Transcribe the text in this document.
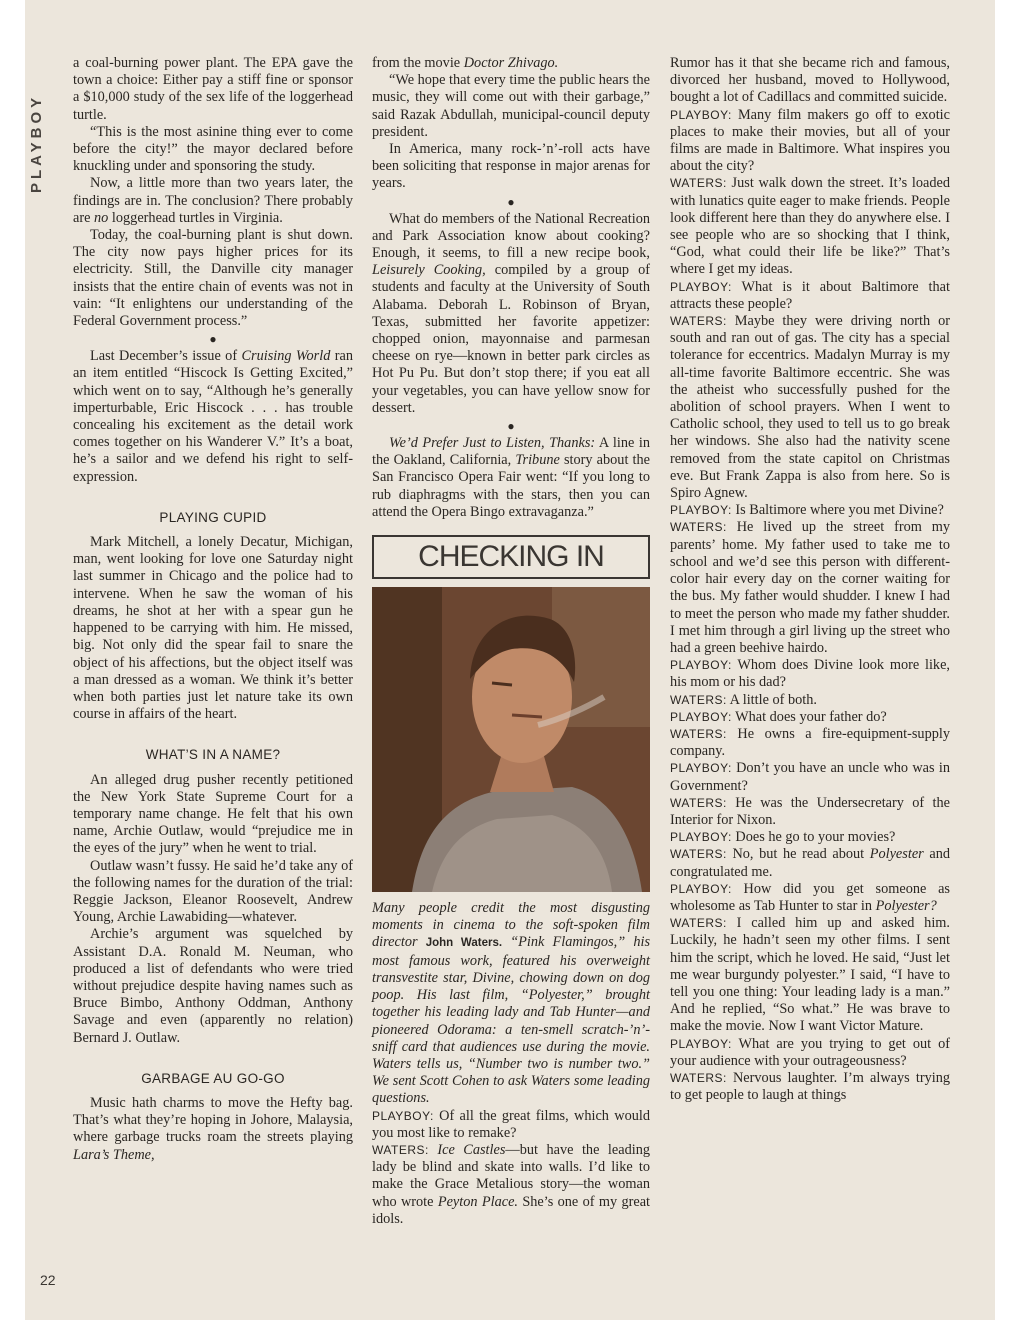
PLAYBOY
22

a coal-burning power plant. The EPA gave the town a choice: Either pay a stiff fine or sponsor a $10,000 study of the sex life of the loggerhead turtle.

“This is the most asinine thing ever to come before the city!” the mayor declared before knuckling under and sponsoring the study.

Now, a little more than two years later, the findings are in. The conclusion? There probably are no loggerhead turtles in Virginia.

Today, the coal-burning plant is shut down. The city now pays higher prices for its electricity. Still, the Danville city manager insists that the entire chain of events was not in vain: “It enlightens our understanding of the Federal Government process.”

●

Last December’s issue of Cruising World ran an item entitled “Hiscock Is Getting Excited,” which went on to say, “Although he’s generally imperturbable, Eric Hiscock . . . has trouble concealing his excitement as the detail work comes together on his Wanderer V.” It’s a boat, he’s a sailor and we defend his right to self-expression.

PLAYING CUPID

Mark Mitchell, a lonely Decatur, Michigan, man, went looking for love one Saturday night last summer in Chicago and the police had to intervene. When he saw the woman of his dreams, he shot at her with a spear gun he happened to be carrying with him. He missed, big. Not only did the spear fail to snare the object of his affections, but the object itself was a man dressed as a woman. We think it’s better when both parties just let nature take its own course in affairs of the heart.

WHAT’S IN A NAME?

An alleged drug pusher recently petitioned the New York State Supreme Court for a temporary name change. He felt that his own name, Archie Outlaw, would “prejudice me in the eyes of the jury” when he went to trial.

Outlaw wasn’t fussy. He said he’d take any of the following names for the duration of the trial: Reggie Jackson, Eleanor Roosevelt, Andrew Young, Archie Lawabiding—whatever.

Archie’s argument was squelched by Assistant D.A. Ronald M. Neuman, who produced a list of defendants who were tried without prejudice despite having names such as Bruce Bimbo, Anthony Oddman, Anthony Savage and even (apparently no relation) Bernard J. Outlaw.

GARBAGE AU GO-GO

Music hath charms to move the Hefty bag. That’s what they’re hoping in Johore, Malaysia, where garbage trucks roam the streets playing Lara’s Theme,

from the movie Doctor Zhivago.

“We hope that every time the public hears the music, they will come out with their garbage,” said Razak Abdullah, municipal-council deputy president.

In America, many rock-’n’-roll acts have been soliciting that response in major arenas for years.

●

What do members of the National Recreation and Park Association know about cooking? Enough, it seems, to fill a new recipe book, Leisurely Cooking, compiled by a group of students and faculty at the University of South Alabama. Deborah L. Robinson of Bryan, Texas, submitted her favorite appetizer: chopped onion, mayonnaise and parmesan cheese on rye—known in better park circles as Hot Pu Pu. But don’t stop there; if you eat all your vegetables, you can have yellow snow for dessert.

●

We’d Prefer Just to Listen, Thanks: A line in the Oakland, California, Tribune story about the San Francisco Opera Fair went: “If you long to rub diaphragms with the stars, then you can attend the Opera Bingo extravaganza.”

CHECKING IN
Many people credit the most disgusting moments in cinema to the soft-spoken film director John Waters. “Pink Flamingos,” his most famous work, featured his overweight transvestite star, Divine, chowing down on dog poop. His last film, “Polyester,” brought together his leading lady and Tab Hunter—and pioneered Odorama: a ten-smell scratch-’n’-sniff card that audiences use during the movie. Waters tells us, “Number two is number two.” We sent Scott Cohen to ask Waters some leading questions.

PLAYBOY: Of all the great films, which would you most like to remake?

WATERS: Ice Castles—but have the leading lady be blind and skate into walls. I’d like to make the Grace Metalious story—the woman who wrote Peyton Place. She’s one of my great idols.

Rumor has it that she became rich and famous, divorced her husband, moved to Hollywood, bought a lot of Cadillacs and committed suicide.

PLAYBOY: Many film makers go off to exotic places to make their movies, but all of your films are made in Baltimore. What inspires you about the city?

WATERS: Just walk down the street. It’s loaded with lunatics quite eager to make friends. People look different here than they do anywhere else. I see people who are so shocking that I think, “God, what could their life be like?” That’s where I get my ideas.

PLAYBOY: What is it about Baltimore that attracts these people?

WATERS: Maybe they were driving north or south and ran out of gas. The city has a special tolerance for eccentrics. Madalyn Murray is my all-time favorite Baltimore eccentric. She was the atheist who successfully pushed for the abolition of school prayers. When I went to Catholic school, they used to tell us to go break her windows. She also had the nativity scene removed from the state capitol on Christmas eve. But Frank Zappa is also from here. So is Spiro Agnew.

PLAYBOY: Is Baltimore where you met Divine?

WATERS: He lived up the street from my parents’ home. My father used to take me to school and we’d see this person with different-color hair every day on the corner waiting for the bus. My father would shudder. I knew I had to meet the person who made my father shudder. I met him through a girl living up the street who had a green beehive hairdo.

PLAYBOY: Whom does Divine look more like, his mom or his dad?

WATERS: A little of both.

PLAYBOY: What does your father do?

WATERS: He owns a fire-equipment-supply company.

PLAYBOY: Don’t you have an uncle who was in Government?

WATERS: He was the Undersecretary of the Interior for Nixon.

PLAYBOY: Does he go to your movies?

WATERS: No, but he read about Polyester and congratulated me.

PLAYBOY: How did you get someone as wholesome as Tab Hunter to star in Polyester?

WATERS: I called him up and asked him. Luckily, he hadn’t seen my other films. I sent him the script, which he loved. He said, “Just let me wear burgundy polyester.” I said, “I have to tell you one thing: Your leading lady is a man.” And he replied, “So what.” He was brave to make the movie. Now I want Victor Mature.

PLAYBOY: What are you trying to get out of your audience with your outrageousness?

WATERS: Nervous laughter. I’m always trying to get people to laugh at things
